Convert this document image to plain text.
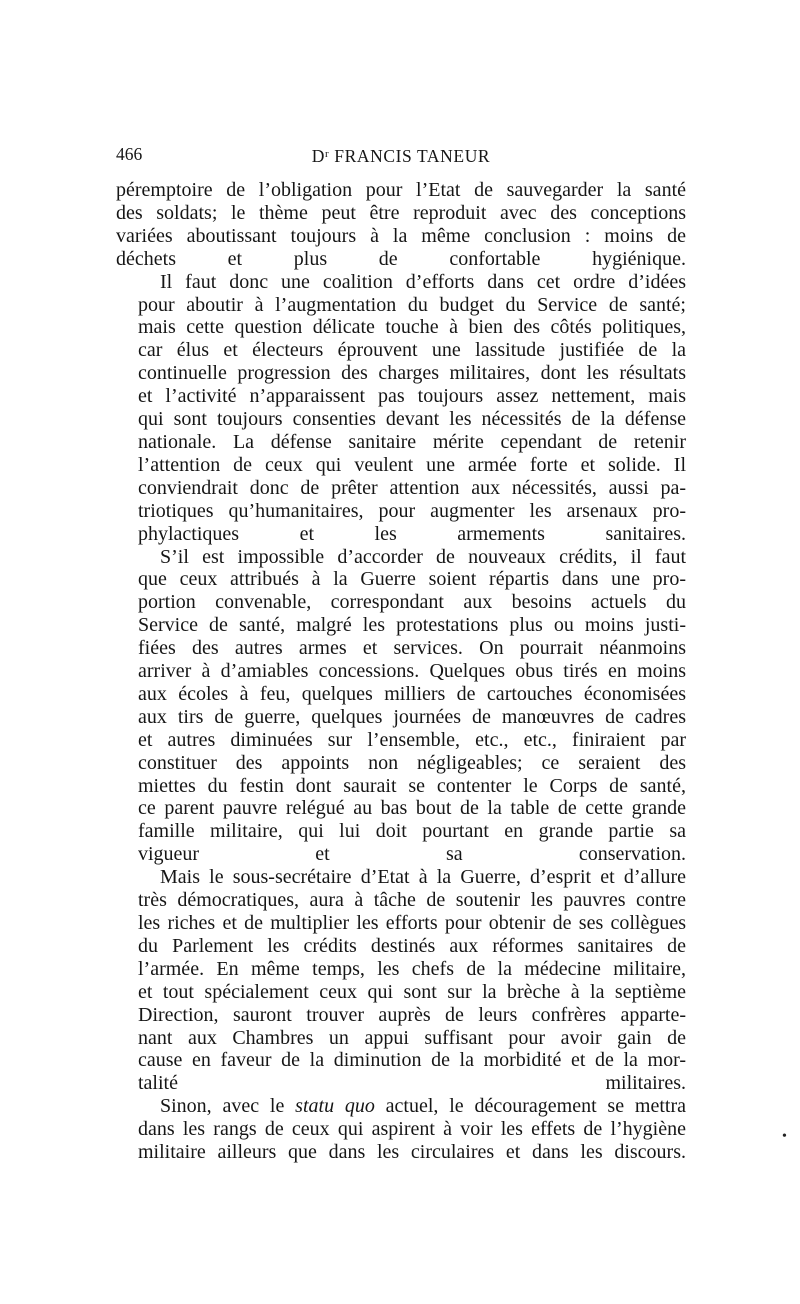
466	$D^r$ FRANCIS TANEUR
péremptoire de l’obligation pour l’Etat de sauvegarder la santé
des soldats; le thème peut être reproduit avec des conceptions
variées aboutissant toujours à la même conclusion : moins de
déchets et plus de confortable hygiénique.
Il faut donc une coalition d’efforts dans cet ordre d’idées
pour aboutir à l’augmentation du budget du Service de santé;
mais cette question délicate touche à bien des côtés politiques,
car élus et électeurs éprouvent une lassitude justifiée de la
continuelle progression des charges militaires, dont les résultats
et l’activité n’apparaissent pas toujours assez nettement, mais
qui sont toujours consenties devant les nécessités de la défense
nationale. La défense sanitaire mérite cependant de retenir
l’attention de ceux qui veulent une armée forte et solide. Il
conviendrait donc de prêter attention aux nécessités, aussi pa-
triotiques qu’humanitaires, pour augmenter les arsenaux pro-
phylactiques et les armements sanitaires.
S’il est impossible d’accorder de nouveaux crédits, il faut
que ceux attribués à la Guerre soient répartis dans une pro-
portion convenable, correspondant aux besoins actuels du
Service de santé, malgré les protestations plus ou moins justi-
fiées des autres armes et services. On pourrait néanmoins
arriver à d’amiables concessions. Quelques obus tirés en moins
aux écoles à feu, quelques milliers de cartouches économisées
aux tirs de guerre, quelques journées de manœuvres de cadres
et autres diminuées sur l’ensemble, etc., etc., finiraient par
constituer des appoints non négligeables; ce seraient des
miettes du festin dont saurait se contenter le Corps de santé,
ce parent pauvre relégué au bas bout de la table de cette grande
famille militaire, qui lui doit pourtant en grande partie sa
vigueur et sa conservation.
Mais le sous-secrétaire d’Etat à la Guerre, d’esprit et d’allure
très démocratiques, aura à tâche de soutenir les pauvres contre
les riches et de multiplier les efforts pour obtenir de ses collègues
du Parlement les crédits destinés aux réformes sanitaires de
l’armée. En même temps, les chefs de la médecine militaire,
et tout spécialement ceux qui sont sur la brèche à la septième
Direction, sauront trouver auprès de leurs confrères apparte-
nant aux Chambres un appui suffisant pour avoir gain de
cause en faveur de la diminution de la morbidité et de la mor-
talité militaires.
Sinon, avec le statu quo actuel, le découragement se mettra
dans les rangs de ceux qui aspirent à voir les effets de l’hygiène
militaire ailleurs que dans les circulaires et dans les discours.
•
